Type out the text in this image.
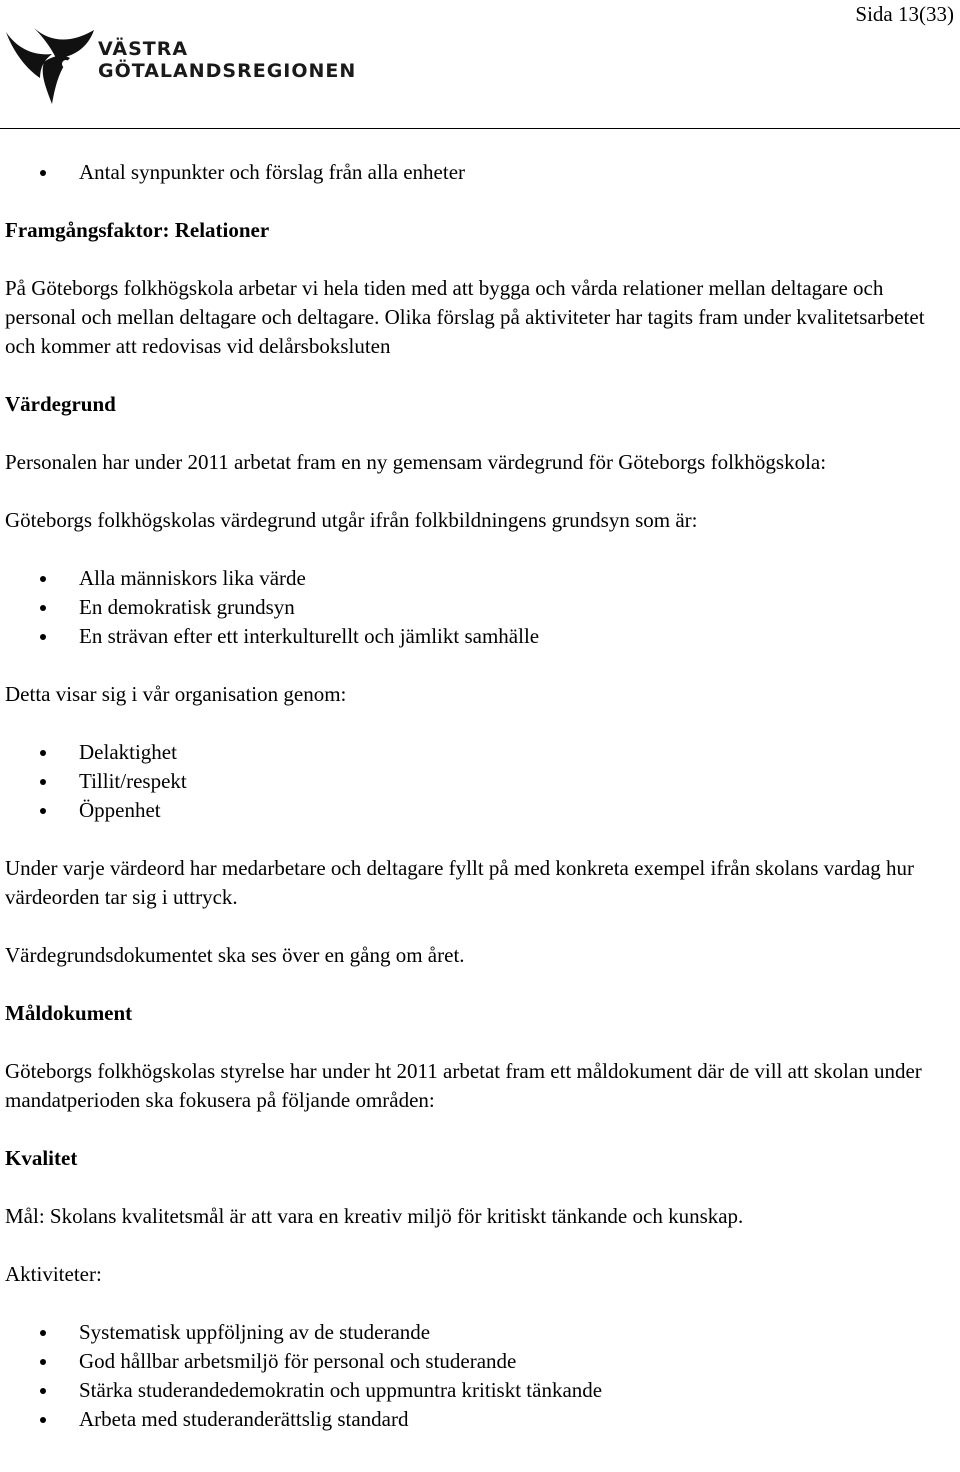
Sida 13(33)
VÄSTRA
GÖTALANDSREGIONEN
Antal synpunkter och förslag från alla enheter

Framgångsfaktor: Relationer

På Göteborgs folkhögskola arbetar vi hela tiden med att bygga och vårda relationer mellan deltagare och personal och mellan deltagare och deltagare. Olika förslag på aktiviteter har tagits fram under kvalitetsarbetet och kommer att redovisas vid delårsboksluten

Värdegrund

Personalen har under 2011 arbetat fram en ny gemensam värdegrund för Göteborgs folkhögskola:

Göteborgs folkhögskolas värdegrund utgår ifrån folkbildningens grundsyn som är:

Alla människors lika värde
En demokratisk grundsyn
En strävan efter ett interkulturellt och jämlikt samhälle

Detta visar sig i vår organisation genom:

Delaktighet
Tillit/respekt
Öppenhet

Under varje värdeord har medarbetare och deltagare fyllt på med konkreta exempel ifrån skolans vardag hur värdeorden tar sig i uttryck.

Värdegrundsdokumentet ska ses över en gång om året.

Måldokument

Göteborgs folkhögskolas styrelse har under ht 2011 arbetat fram ett måldokument där de vill att skolan under mandatperioden ska fokusera på följande områden:

Kvalitet

Mål: Skolans kvalitetsmål är att vara en kreativ miljö för kritiskt tänkande och kunskap.

Aktiviteter:

Systematisk uppföljning av de studerande
God hållbar arbetsmiljö för personal och studerande
Stärka studerandedemokratin och uppmuntra kritiskt tänkande
Arbeta med studeranderättslig standard
